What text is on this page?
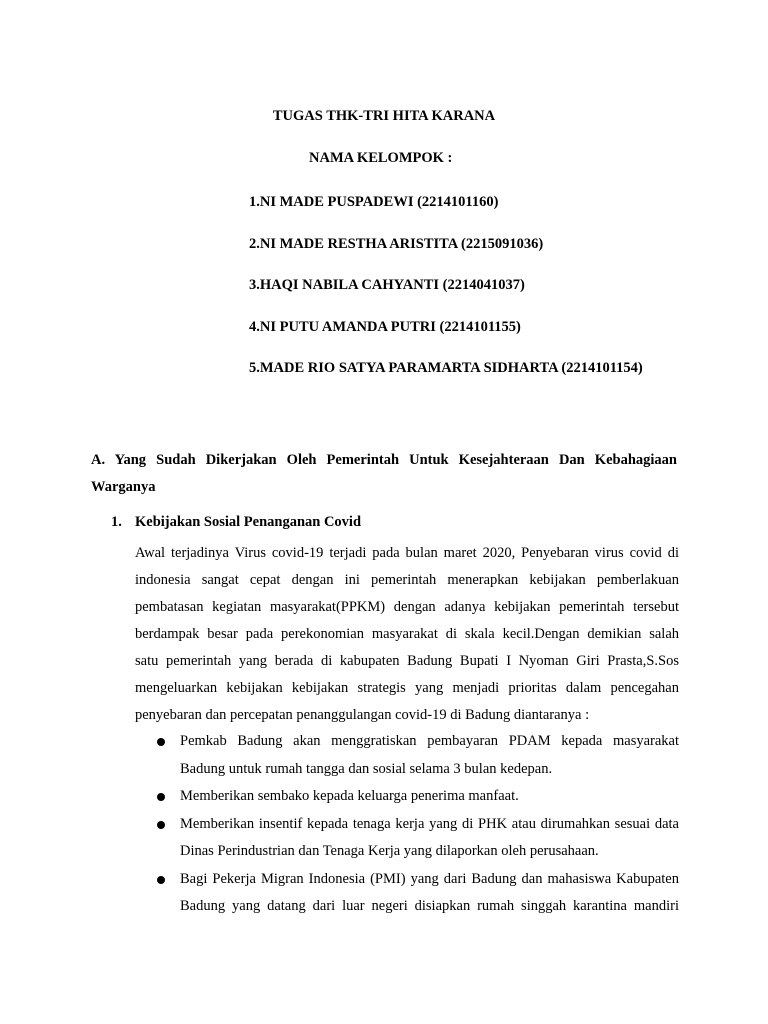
TUGAS THK-TRI HITA KARANA
NAMA KELOMPOK :
1.NI MADE PUSPADEWI (2214101160)
2.NI MADE RESTHA ARISTITA (2215091036)
3.HAQI NABILA CAHYANTI (2214041037)
4.NI PUTU AMANDA PUTRI (2214101155)
5.MADE RIO SATYA PARAMARTA SIDHARTA (2214101154)
A. Yang Sudah Dikerjakan Oleh Pemerintah Untuk Kesejahteraan Dan Kebahagiaan
Warganya
1. Kebijakan Sosial Penanganan Covid

Awal terjadinya Virus covid-19 terjadi pada bulan maret 2020, Penyebaran virus covid di
indonesia sangat cepat dengan ini pemerintah menerapkan kebijakan pemberlakuan
pembatasan kegiatan masyarakat(PPKM) dengan adanya kebijakan pemerintah tersebut
berdampak besar pada perekonomian masyarakat di skala kecil.Dengan demikian salah
satu pemerintah yang berada di kabupaten Badung Bupati I Nyoman Giri Prasta,S.Sos
mengeluarkan kebijakan kebijakan strategis yang menjadi prioritas dalam pencegahan
penyebaran dan percepatan penanggulangan covid-19 di Badung diantaranya :

Pemkab Badung akan menggratiskan pembayaran PDAM kepada masyarakat
Badung untuk rumah tangga dan sosial selama 3 bulan kedepan.
Memberikan sembako kepada keluarga penerima manfaat.
Memberikan insentif kepada tenaga kerja yang di PHK atau dirumahkan sesuai data
Dinas Perindustrian dan Tenaga Kerja yang dilaporkan oleh perusahaan.
Bagi Pekerja Migran Indonesia (PMI) yang dari Badung dan mahasiswa Kabupaten
Badung yang datang dari luar negeri disiapkan rumah singgah karantina mandiri
